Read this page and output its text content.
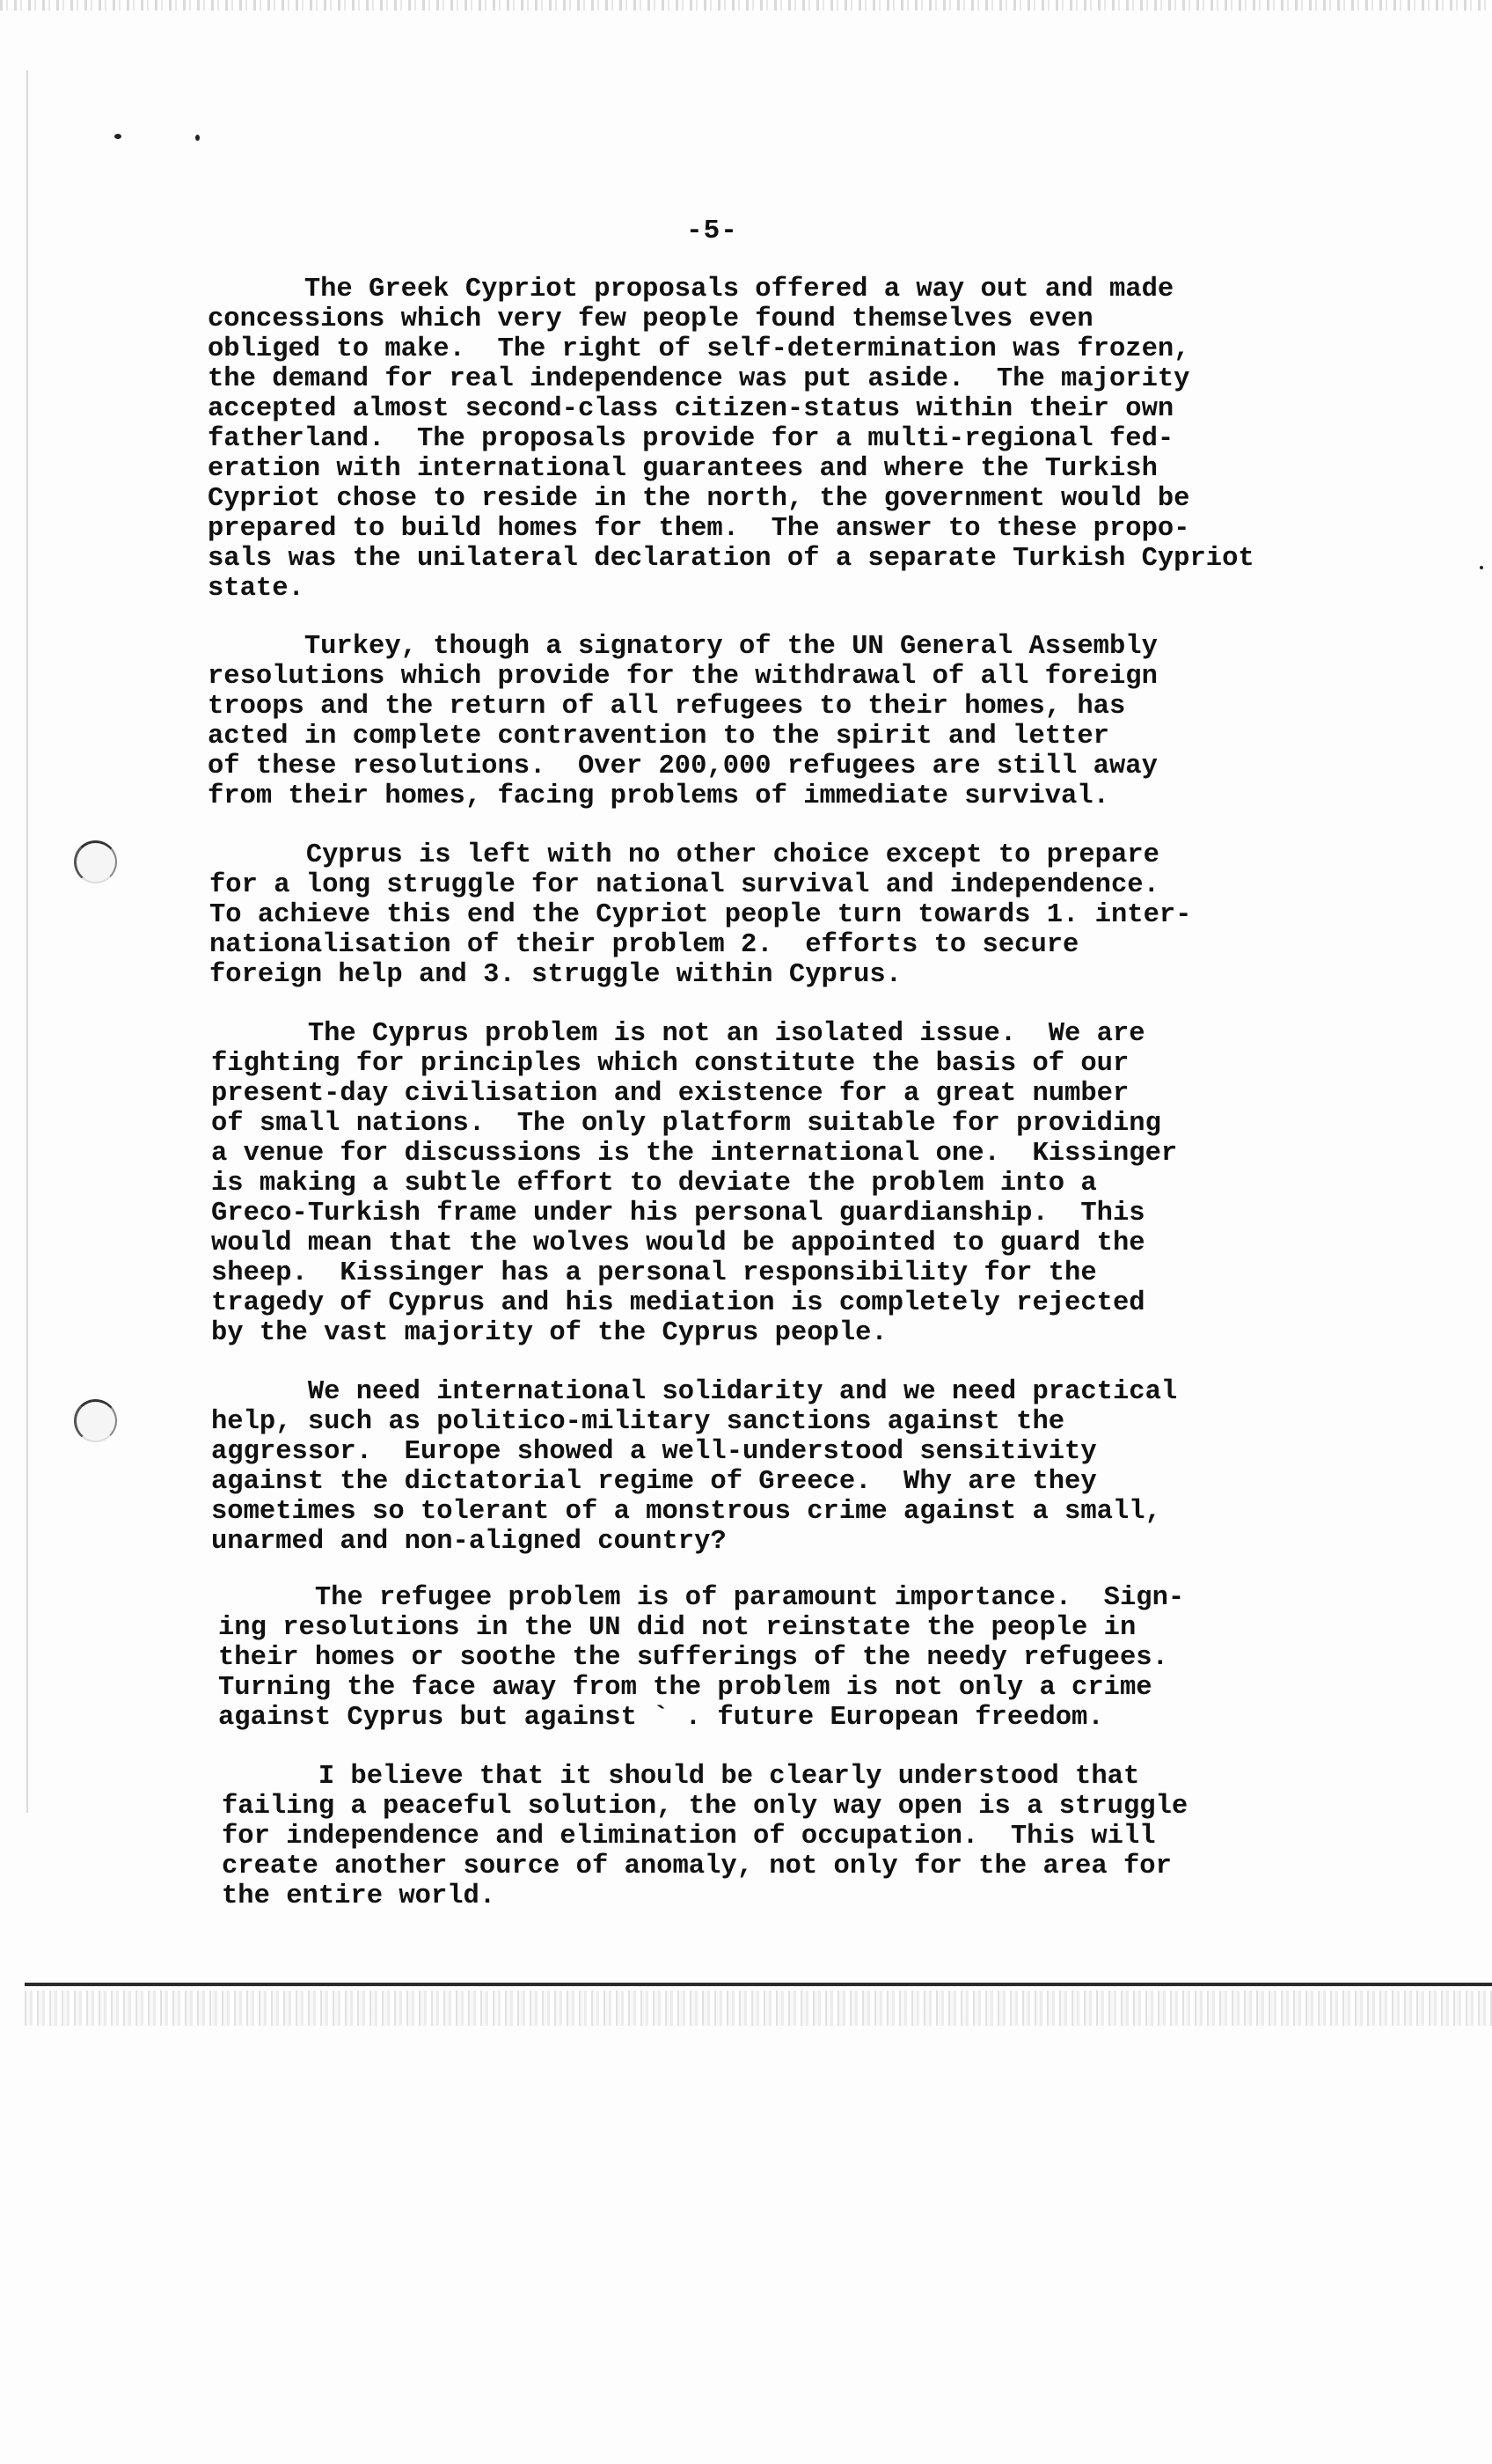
-5-

The Greek Cypriot proposals offered a way out and made
concessions which very few people found themselves even
obliged to make.  The right of self-determination was frozen,
the demand for real independence was put aside.  The majority
accepted almost second-class citizen-status within their own
fatherland.  The proposals provide for a multi-regional fed-
eration with international guarantees and where the Turkish
Cypriot chose to reside in the north, the government would be
prepared to build homes for them.  The answer to these propo-
sals was the unilateral declaration of a separate Turkish Cypriot
state.

Turkey, though a signatory of the UN General Assembly
resolutions which provide for the withdrawal of all foreign
troops and the return of all refugees to their homes, has
acted in complete contravention to the spirit and letter
of these resolutions.  Over 200,000 refugees are still away
from their homes, facing problems of immediate survival.

Cyprus is left with no other choice except to prepare
for a long struggle for national survival and independence.
To achieve this end the Cypriot people turn towards 1. inter-
nationalisation of their problem 2.  efforts to secure
foreign help and 3. struggle within Cyprus.

The Cyprus problem is not an isolated issue.  We are
fighting for principles which constitute the basis of our
present-day civilisation and existence for a great number
of small nations.  The only platform suitable for providing
a venue for discussions is the international one.  Kissinger
is making a subtle effort to deviate the problem into a
Greco-Turkish frame under his personal guardianship.  This
would mean that the wolves would be appointed to guard the
sheep.  Kissinger has a personal responsibility for the
tragedy of Cyprus and his mediation is completely rejected
by the vast majority of the Cyprus people.

We need international solidarity and we need practical
help, such as politico-military sanctions against the
aggressor.  Europe showed a well-understood sensitivity
against the dictatorial regime of Greece.  Why are they
sometimes so tolerant of a monstrous crime against a small,
unarmed and non-aligned country?

The refugee problem is of paramount importance.  Sign-
ing resolutions in the UN did not reinstate the people in
their homes or soothe the sufferings of the needy refugees.
Turning the face away from the problem is not only a crime
against Cyprus but against ` . future European freedom.

I believe that it should be clearly understood that
failing a peaceful solution, the only way open is a struggle
for independence and elimination of occupation.  This will
create another source of anomaly, not only for the area for
the entire world.
